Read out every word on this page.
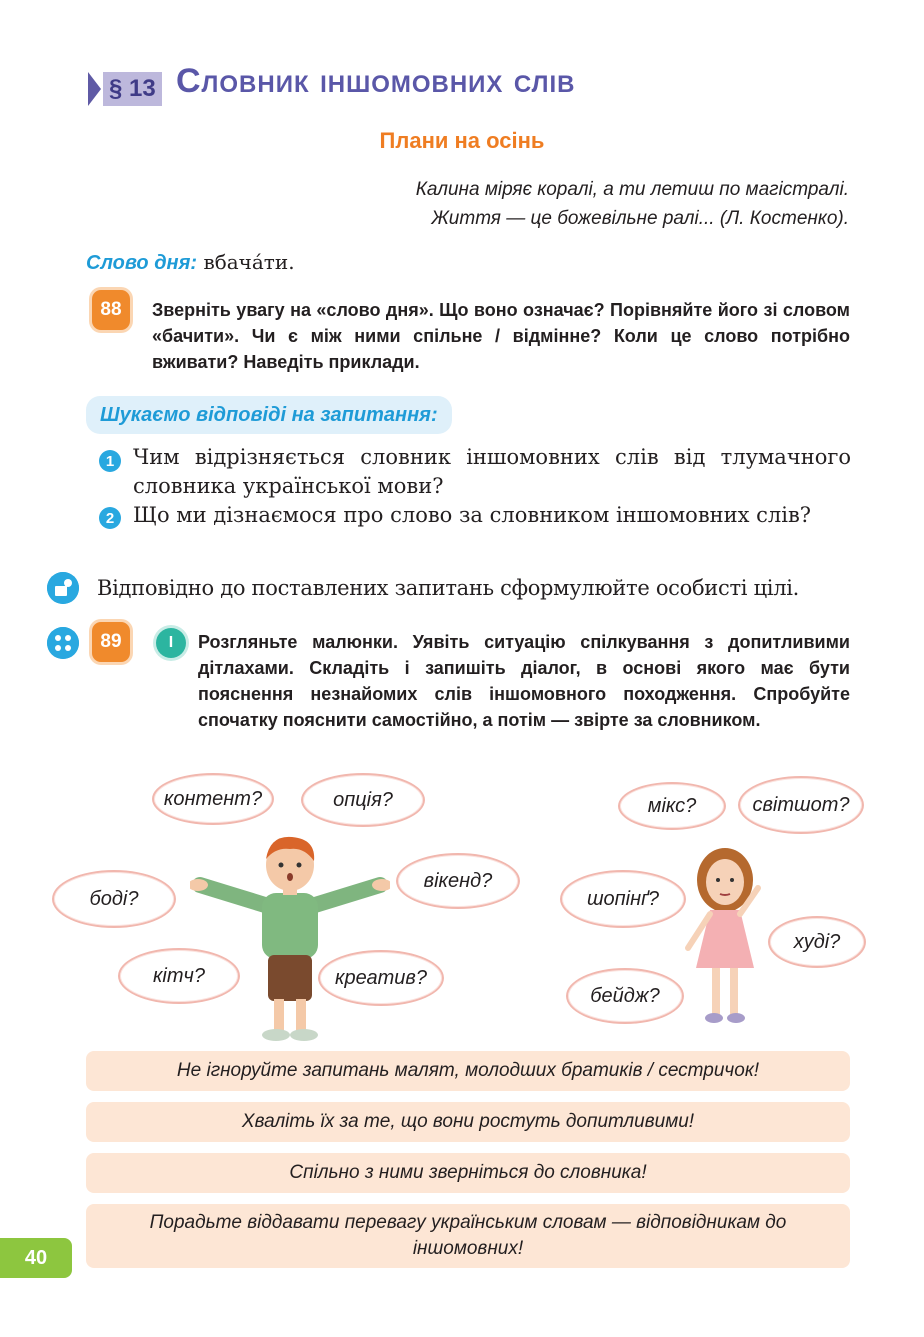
§ 13 Словник іншомовних слів
Плани на осінь
Калина міряє коралі, а ти летиш по магістралі.
Життя — це божевільне ралі... (Л. Костенко).
Слово дня: вбача́ти.
88	Зверніть увагу на «слово дня». Що воно означає? Порівняйте його зі словом «бачити». Чи є між ними спільне / відмінне? Коли це слово потрібно вживати? Наведіть приклади.
Шукаємо відповіді на запитання:
1 Чим відрізняється словник іншомовних слів від тлумачного словника української мови?
2 Що ми дізнаємося про слово за словником іншомовних слів?
Відповідно до поставлених запитань сформулюйте особисті цілі.
89	I	Розгляньте малюнки. Уявіть ситуацію спілкування з допитливими дітлахами. Складіть і запишіть діалог, в основі якого має бути пояснення незнайомих слів іншомовного походження. Спробуйте спочатку пояснити самостійно, а потім — звірте за словником.
контент?	опція?
боді?
вікенд?
кітч?	креатив?
мікс?	світшот?
шопінґ?
худі?
бейдж?
Не ігноруйте запитань малят, молодших братиків / сестричок!
Хваліть їх за те, що вони ростуть допитливими!
Спільно з ними зверніться до словника!
Порадьте віддавати перевагу українським словам — відповідникам до іншомовних!
40
